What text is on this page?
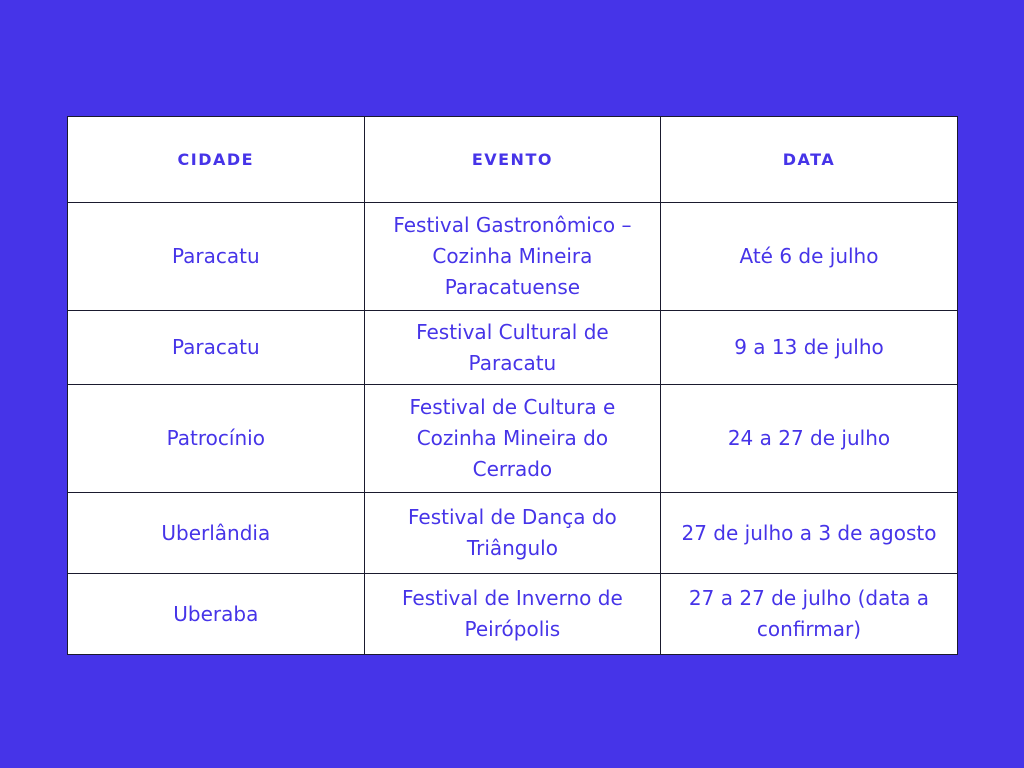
CIDADE	EVENTO	DATA
Paracatu	Festival Gastronômico – Cozinha Mineira Paracatuense	Até 6 de julho
Paracatu	Festival Cultural de Paracatu	9 a 13 de julho
Patrocínio	Festival de Cultura e Cozinha Mineira do Cerrado	24 a 27 de julho
Uberlândia	Festival de Dança do Triângulo	27 de julho a 3 de agosto
Uberaba	Festival de Inverno de Peirópolis	27 a 27 de julho (data a confirmar)
